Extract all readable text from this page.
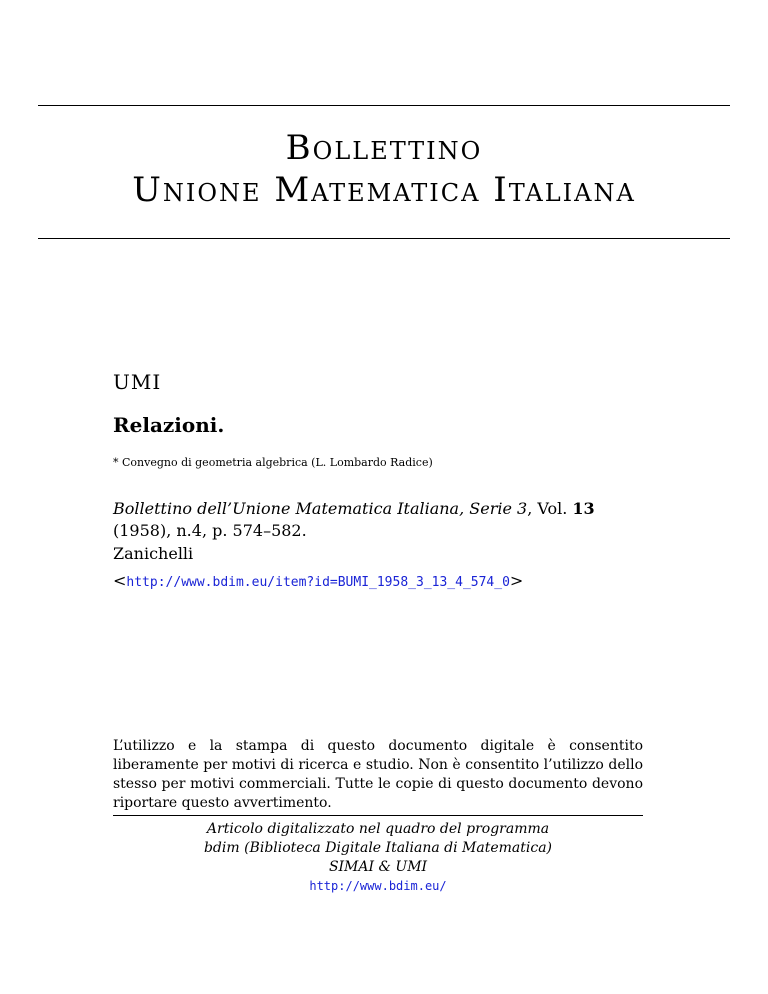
Bollettino
Unione Matematica Italiana
UMI
Relazioni.
* Convegno di geometria algebrica (L. Lombardo Radice)
Bollettino dell’Unione Matematica Italiana, Serie 3, Vol. 13
(1958), n.4, p. 574–582.
Zanichelli
<http://www.bdim.eu/item?id=BUMI_1958_3_13_4_574_0>
L’utilizzo e la stampa di questo documento digitale è consentito liberamente per motivi di ricerca e studio. Non è consentito l’utilizzo dello stesso per motivi commerciali. Tutte le copie di questo documento devono riportare questo avvertimento.
Articolo digitalizzato nel quadro del programma
bdim (Biblioteca Digitale Italiana di Matematica)
SIMAI & UMI
http://www.bdim.eu/
